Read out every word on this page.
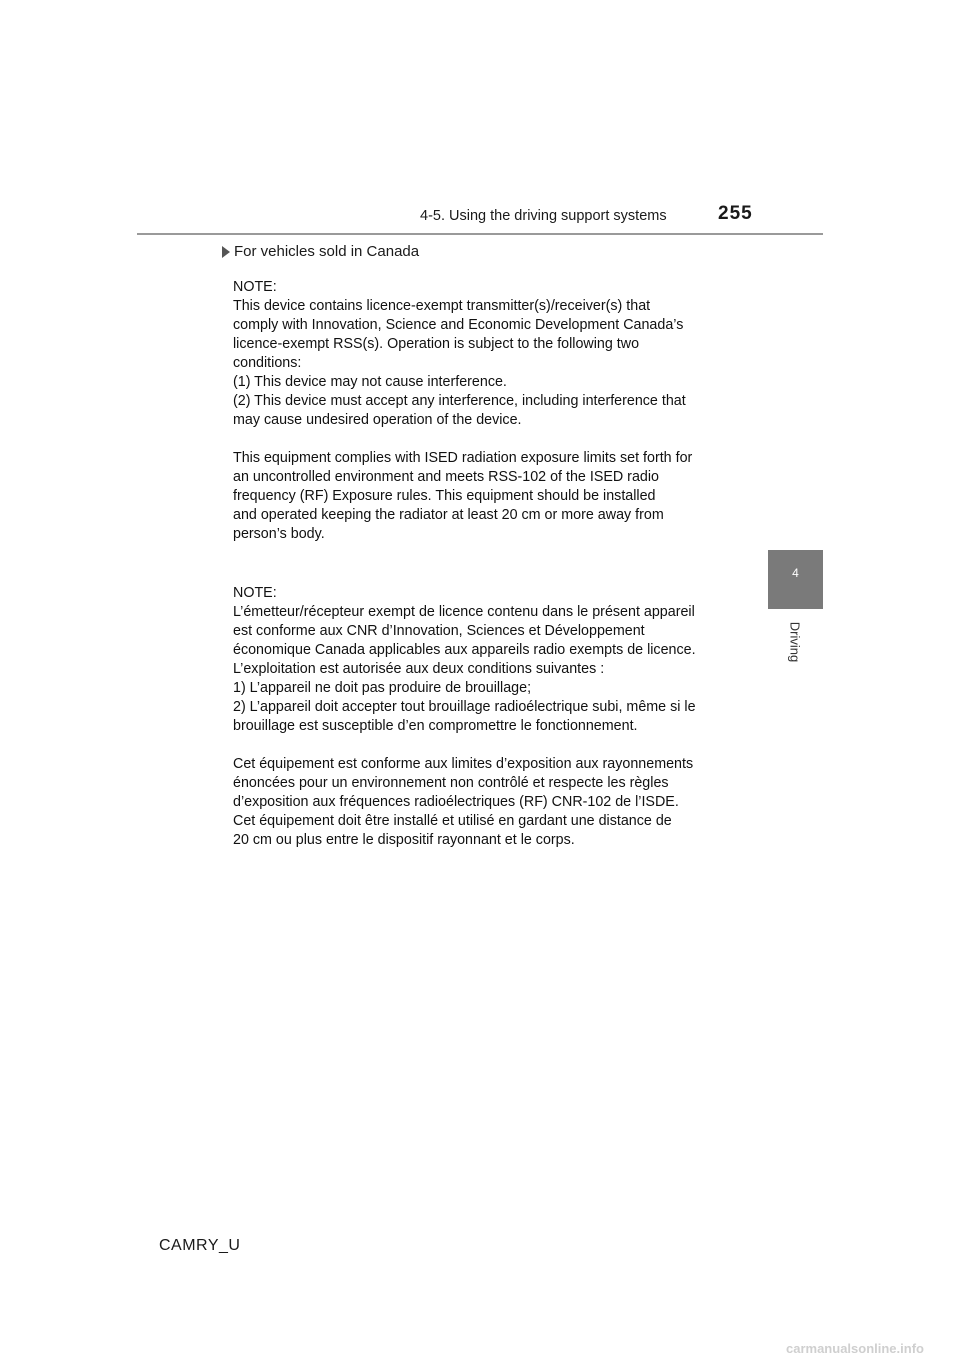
4-5. Using the driving support systems	255
For vehicles sold in Canada
NOTE:
This device contains licence-exempt transmitter(s)/receiver(s) that
comply with Innovation, Science and Economic Development Canada’s
licence-exempt RSS(s). Operation is subject to the following two
conditions:
(1) This device may not cause interference.
(2) This device must accept any interference, including interference that
may cause undesired operation of the device.
This equipment complies with ISED radiation exposure limits set forth for
an uncontrolled environment and meets RSS-102 of the ISED radio
frequency (RF) Exposure rules. This equipment should be installed
and operated keeping the radiator at least 20 cm or more away from
person’s body.
NOTE:
L’émetteur/récepteur exempt de licence contenu dans le présent appareil
est conforme aux CNR d’Innovation, Sciences et Développement
économique Canada applicables aux appareils radio exempts de licence.
L’exploitation est autorisée aux deux conditions suivantes :
1) L’appareil ne doit pas produire de brouillage;
2) L’appareil doit accepter tout brouillage radioélectrique subi, même si le
brouillage est susceptible d’en compromettre le fonctionnement.
Cet équipement est conforme aux limites d’exposition aux rayonnements
énoncées pour un environnement non contrôlé et respecte les règles
d’exposition aux fréquences radioélectriques (RF) CNR-102 de l’ISDE.
Cet équipement doit être installé et utilisé en gardant une distance de
20 cm ou plus entre le dispositif rayonnant et le corps.
4
Driving
CAMRY_U
carmanualsonline.info
